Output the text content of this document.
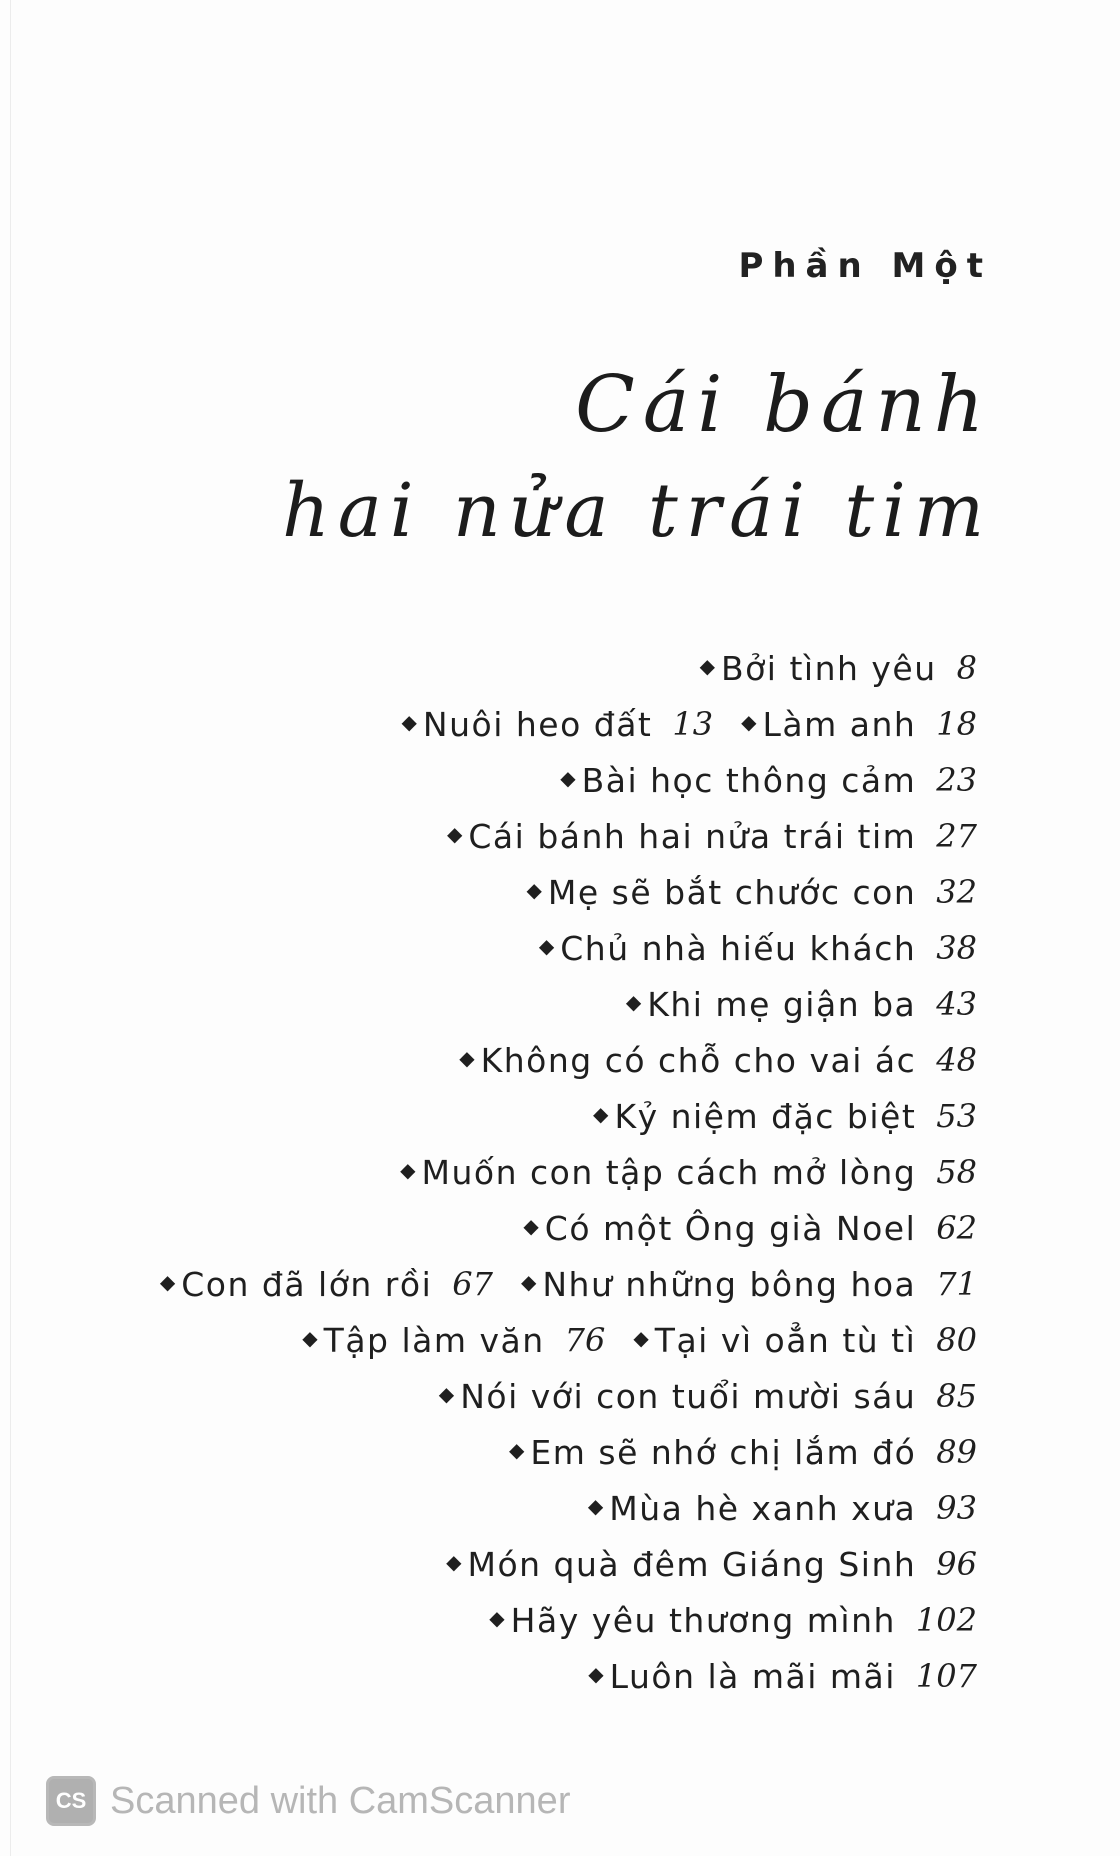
Phần Một
Cái bánh
hai nửa trái tim
◆ Bởi tình yêu 8
◆ Nuôi heo đất 13 ◆ Làm anh 18
◆ Bài học thông cảm 23
◆ Cái bánh hai nửa trái tim 27
◆ Mẹ sẽ bắt chước con 32
◆ Chủ nhà hiếu khách 38
◆ Khi mẹ giận ba 43
◆ Không có chỗ cho vai ác 48
◆ Kỷ niệm đặc biệt 53
◆ Muốn con tập cách mở lòng 58
◆ Có một Ông già Noel 62
◆ Con đã lớn rồi 67 ◆ Như những bông hoa 71
◆ Tập làm văn 76 ◆ Tại vì oẳn tù tì 80
◆ Nói với con tuổi mười sáu 85
◆ Em sẽ nhớ chị lắm đó 89
◆ Mùa hè xanh xưa 93
◆ Món quà đêm Giáng Sinh 96
◆ Hãy yêu thương mình 102
◆ Luôn là mãi mãi 107
CS Scanned with CamScanner
